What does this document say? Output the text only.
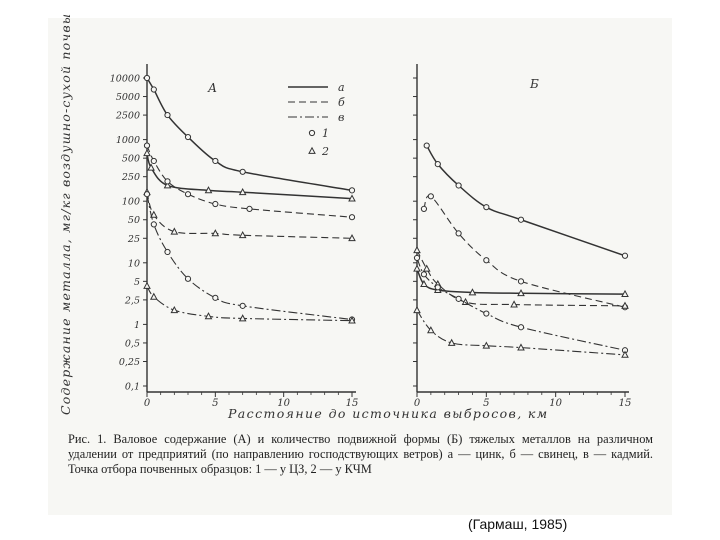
А
0	5	10	15
10000
5000
2500
1000
500
250
100
50
25
10
5
2,5
1
0,5
0,25
0,1
Б
0	5	10	15
а
б
в
1
2
Содержание металла, мг/кг воздушно-сухой почвы	Расстояние до источника выбросов, км
Рис. 1. Валовое содержание (А) и количество подвижной формы (Б) тяжелых металлов на различном удалении от предприятий (по направлению господствующих ветров) а — цинк, б — свинец, в — кадмий. Точка отбора почвенных образцов: 1 — у ЦЗ, 2 — у КЧМ
(Гармаш, 1985)
